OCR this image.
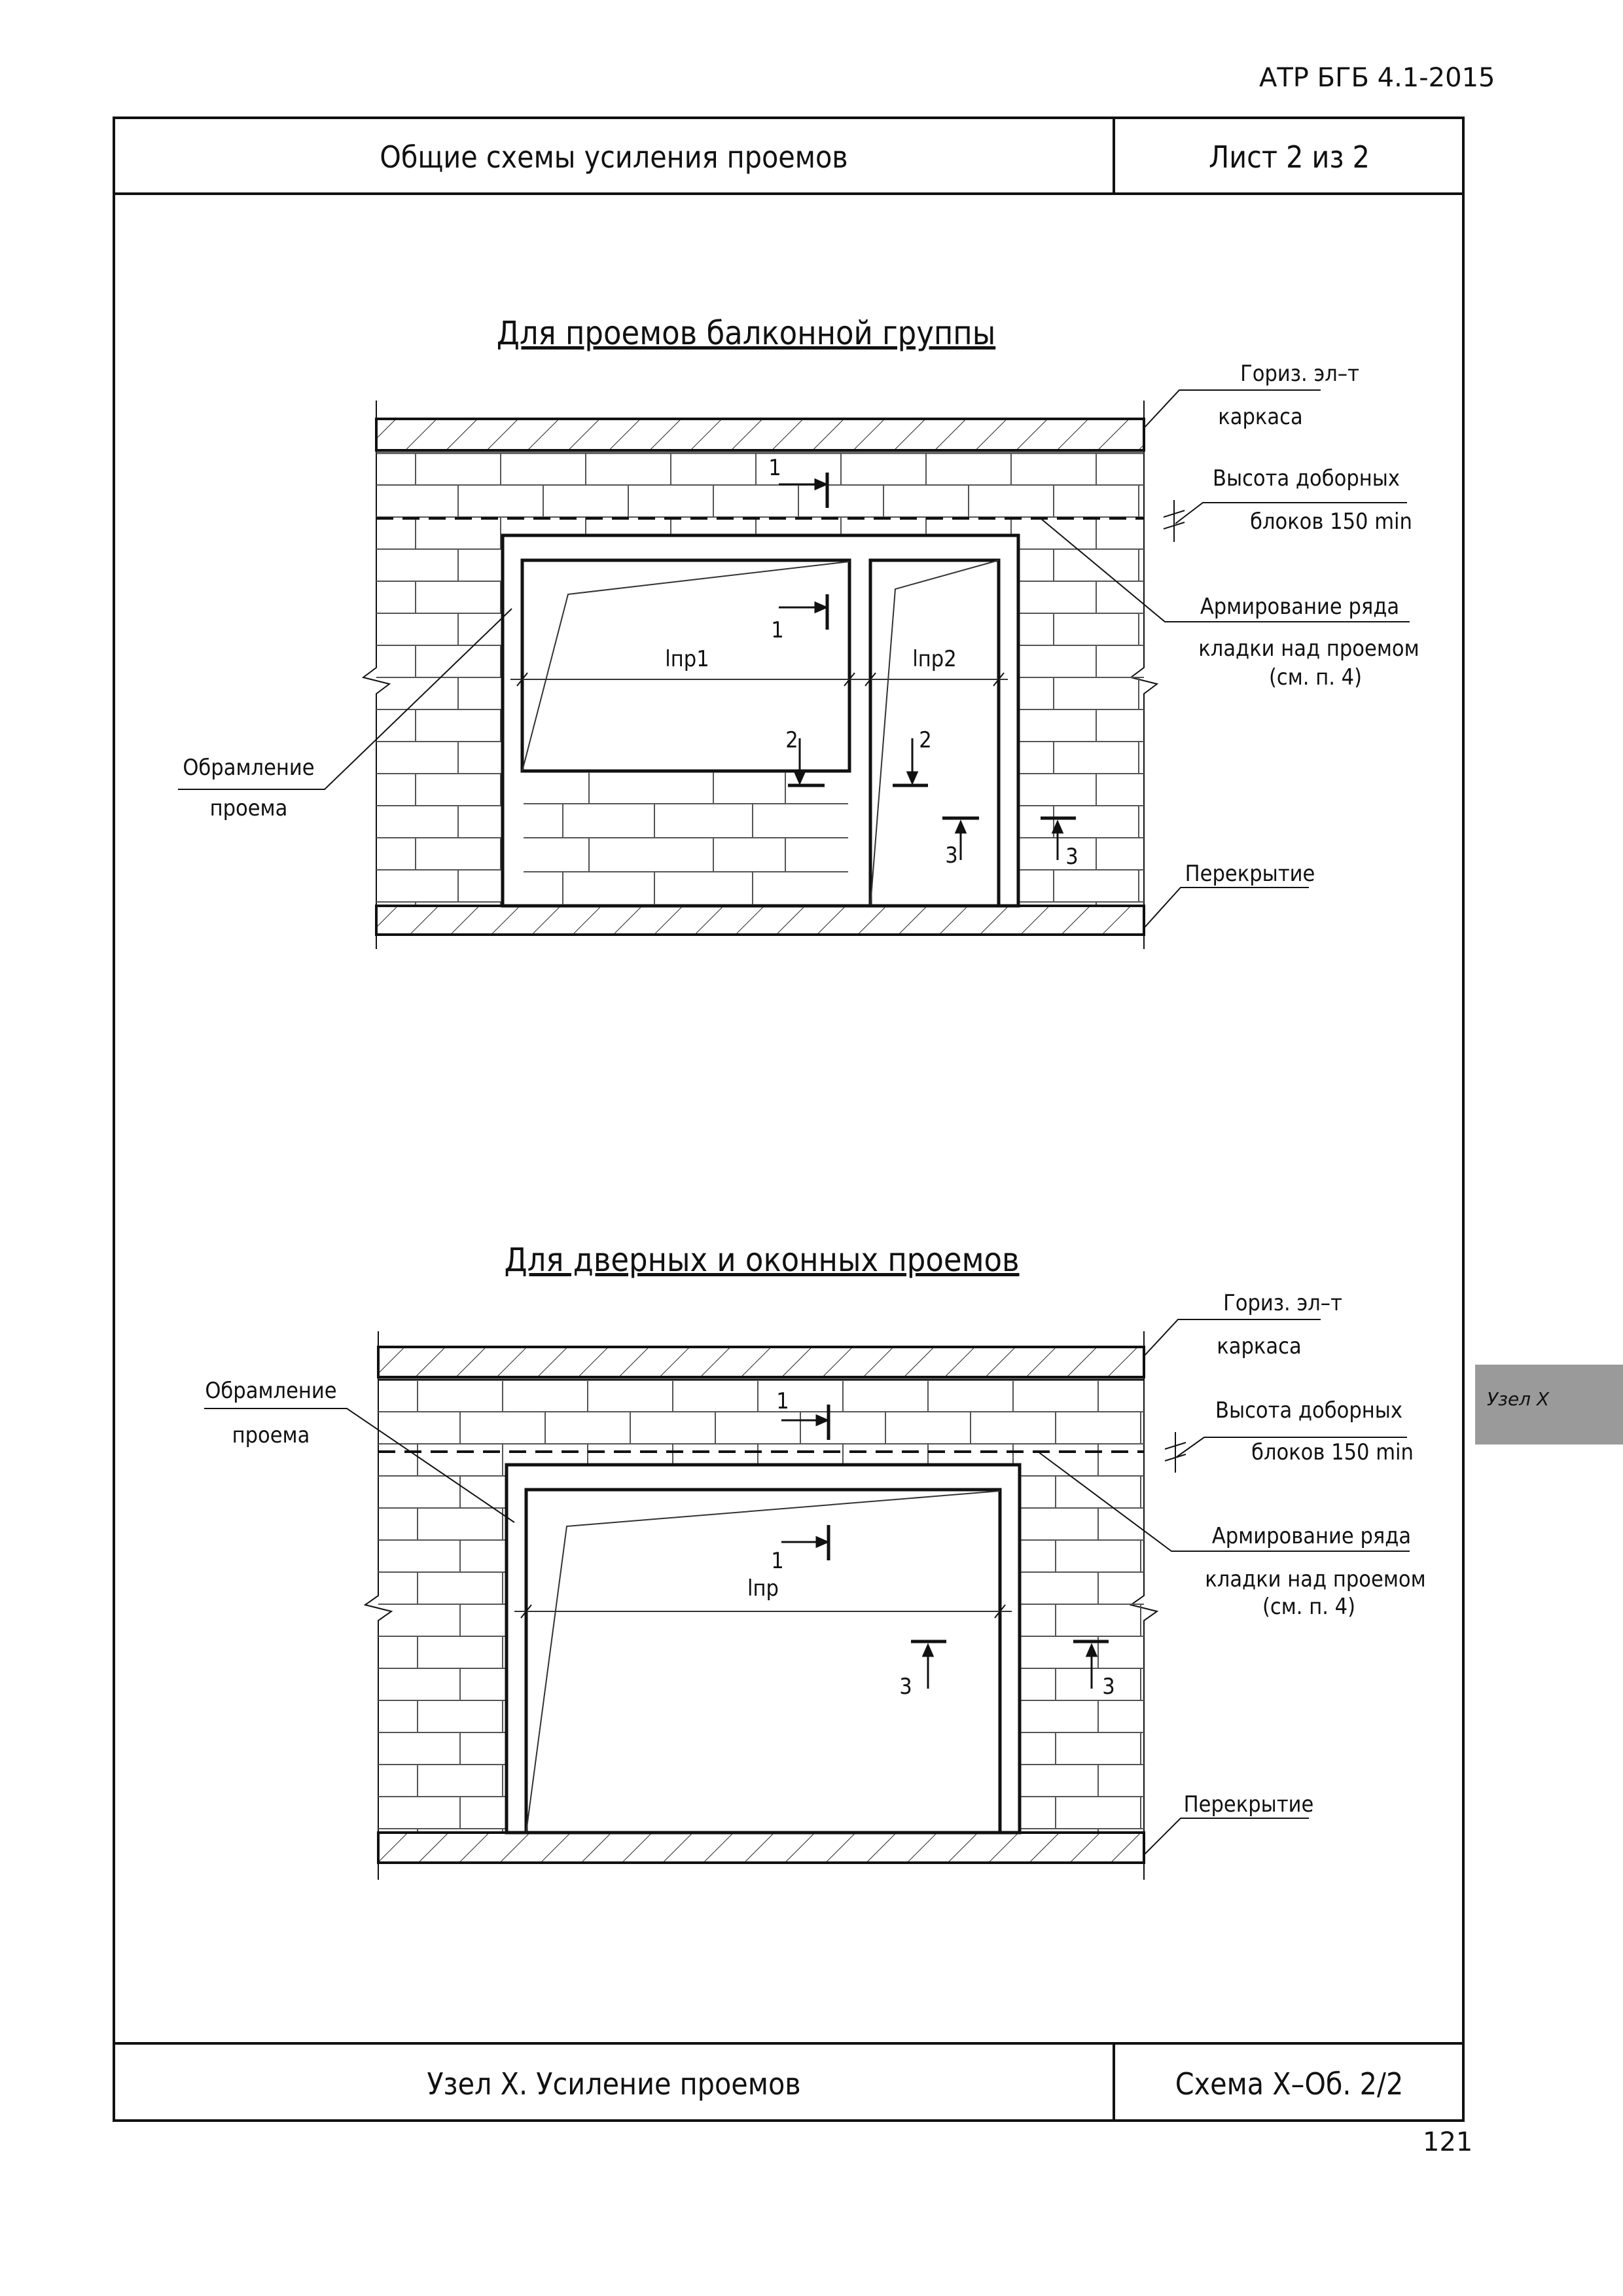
АТР БГБ 4.1-2015
Общие схемы усиления проемов	Лист 2 из 2
Узел Х. Усиление проемов	Схема Х–Об. 2/2
Для проемов балконной группы
lпр1	lпр2
1
1
2	2
3	3
Гориз. эл–т
каркаса
Высота доборных
блоков 150 min
Армирование ряда
кладки над проемом
(см. п. 4)
Обрамление
проема
Перекрытие
Для дверных и оконных проемов
lпр
1
1
3	3
Гориз. эл–т
каркаса
Высота доборных
блоков 150 min
Армирование ряда
кладки над проемом
(см. п. 4)
Обрамление
проема
Перекрытие
Узел Х
121
